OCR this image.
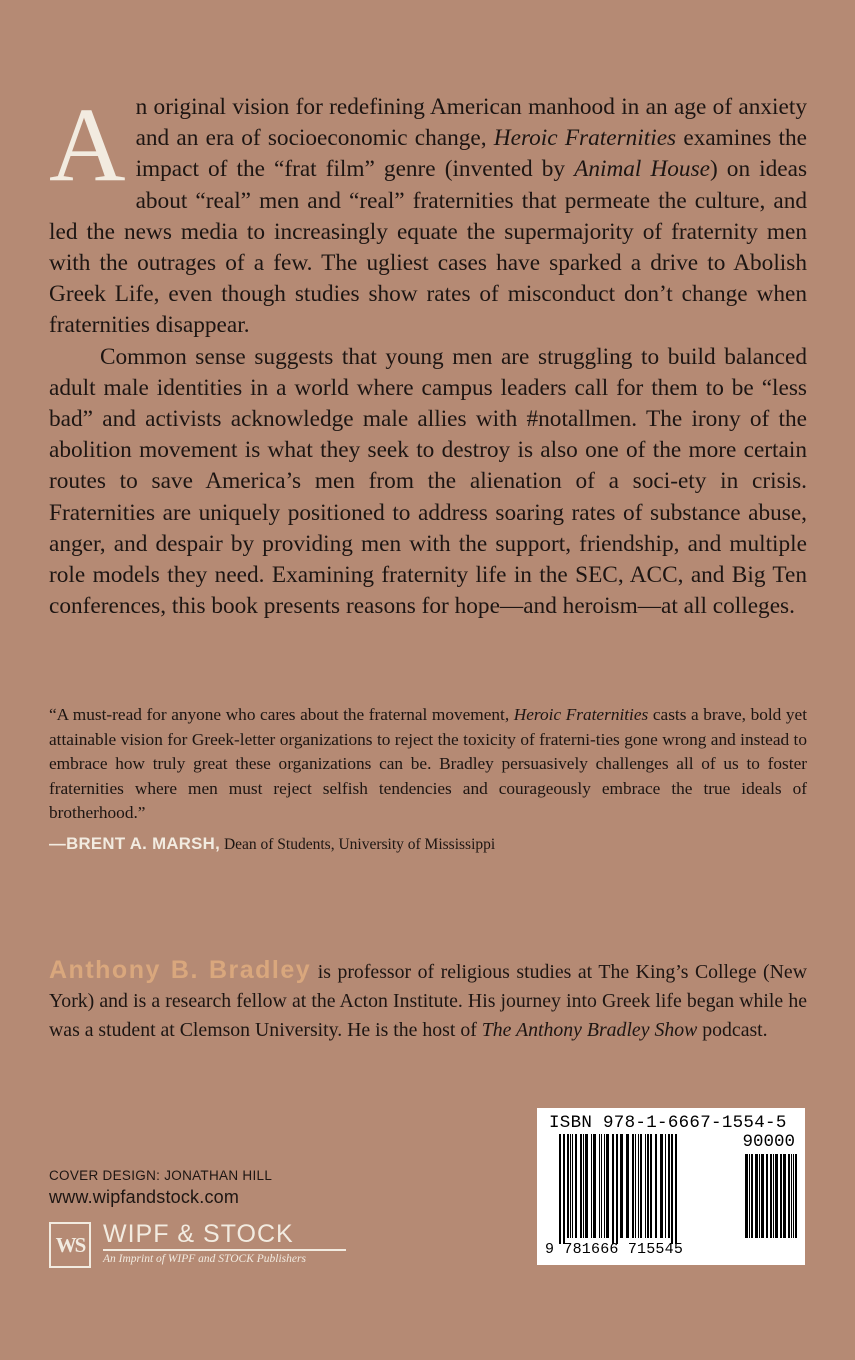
An original vision for redefining American manhood in an age of anxiety and an era of socioeconomic change, Heroic Fraternities examines the impact of the “frat film” genre (invented by Animal House) on ideas about “real” men and “real” fraternities that permeate the culture, and led the news media to increasingly equate the supermajority of fraternity men with the outrages of a few. The ugliest cases have sparked a drive to Abolish Greek Life, even though studies show rates of misconduct don’t change when fraternities disappear.

Common sense suggests that young men are struggling to build balanced adult male identities in a world where campus leaders call for them to be “less bad” and activists acknowledge male allies with #notallmen. The irony of the abolition movement is what they seek to destroy is also one of the more certain routes to save America’s men from the alienation of a soci-ety in crisis. Fraternities are uniquely positioned to address soaring rates of substance abuse, anger, and despair by providing men with the support, friendship, and multiple role models they need. Examining fraternity life in the SEC, ACC, and Big Ten conferences, this book presents reasons for hope—and heroism—at all colleges.

“A must-read for anyone who cares about the fraternal movement, Heroic Fraternities casts a brave, bold yet attainable vision for Greek-letter organizations to reject the toxicity of fraterni-ties gone wrong and instead to embrace how truly great these organizations can be. Bradley persuasively challenges all of us to foster fraternities where men must reject selfish tendencies and courageously embrace the true ideals of brotherhood.”

—BRENT A. MARSH, Dean of Students, University of Mississippi
Anthony B. Bradley is professor of religious studies at The King’s College (New York) and is a research fellow at the Acton Institute. His journey into Greek life began while he was a student at Clemson University. He is the host of The Anthony Bradley Show podcast.
COVER DESIGN: JONATHAN HILL
www.wipfandstock.com
WS WIPF & STOCK
An Imprint of WIPF and STOCK Publishers
ISBN 978-1-6667-1554-5
90000
9 781666 715545
